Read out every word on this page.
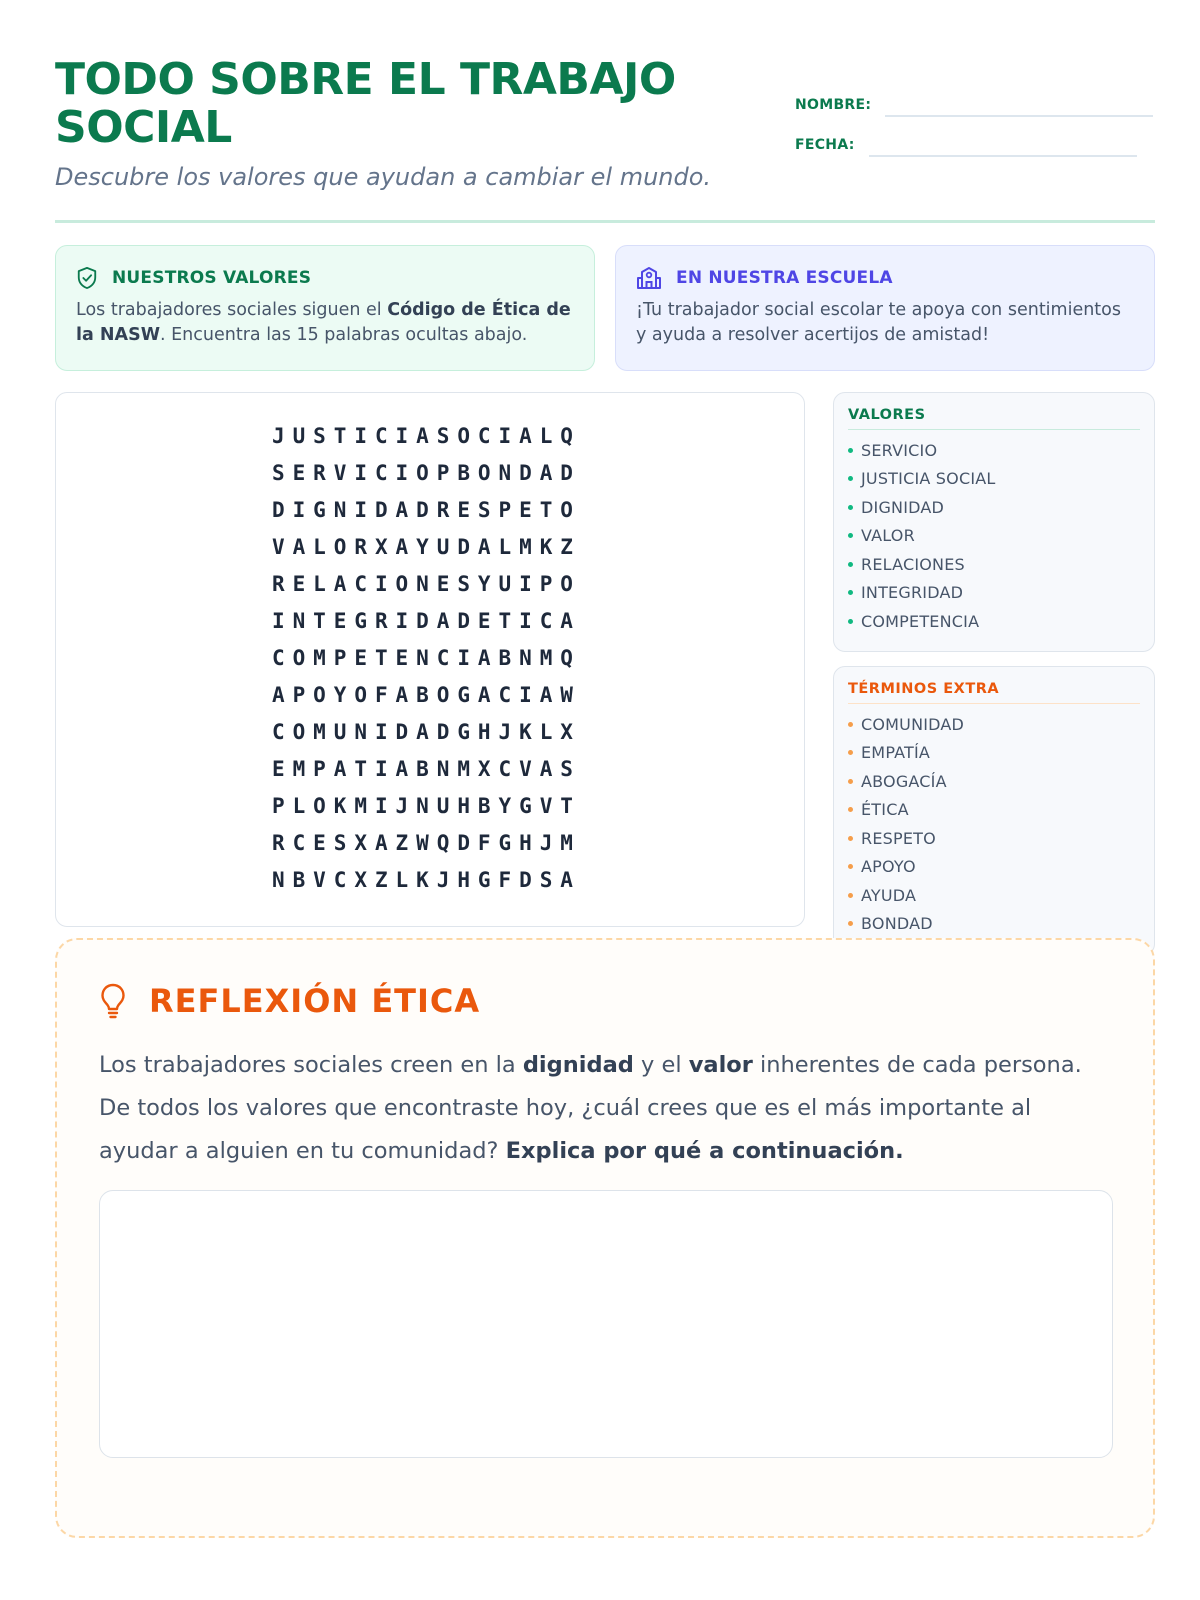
TODO SOBRE EL TRABAJO SOCIAL
Descubre los valores que ayudan a cambiar el mundo.
NOMBRE:
FECHA:
NUESTROS VALORES

Los trabajadores sociales siguen el Código de Ética de la NASW. Encuentra las 15 palabras ocultas abajo.

EN NUESTRA ESCUELA

¡Tu trabajador social escolar te apoya con sentimientos y ayuda a resolver acertijos de amistad!

J U S T I C I A S O C I A L Q
S E R V I C I O P B O N D A D
D I G N I D A D R E S P E T O
V A L O R X A Y U D A L M K Z
R E L A C I O N E S Y U I P O
I N T E G R I D A D E T I C A
C O M P E T E N C I A B N M Q
A P O Y O F A B O G A C I A W
C O M U N I D A D G H J K L X
E M P A T I A B N M X C V A S
P L O K M I J N U H B Y G V T
R C E S X A Z W Q D F G H J M
N B V C X Z L K J H G F D S A
VALORES
SERVICIO
JUSTICIA SOCIAL
DIGNIDAD
VALOR
RELACIONES
INTEGRIDAD
COMPETENCIA
TÉRMINOS EXTRA
COMUNIDAD
EMPATÍA
ABOGACÍA
ÉTICA
RESPETO
APOYO
AYUDA
BONDAD
REFLEXIÓN ÉTICA

Los trabajadores sociales creen en la dignidad y el valor inherentes de cada persona. De todos los valores que encontraste hoy, ¿cuál crees que es el más importante al ayudar a alguien en tu comunidad? Explica por qué a continuación.
